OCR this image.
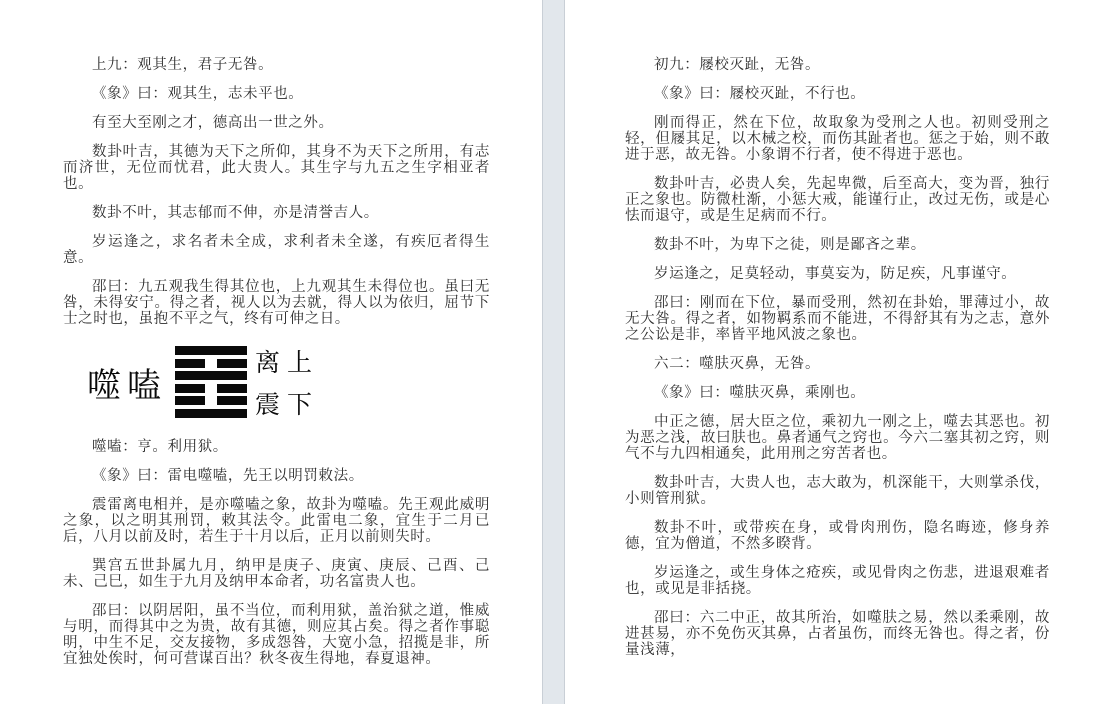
上九：观其生，君子无咎。

《象》曰：观其生，志未平也。

有至大至刚之才，德高出一世之外。

数卦叶吉，其德为天下之所仰，其身不为天下之所用，有志而济世，无位而忧君，此大贵人。其生字与九五之生字相亚者也。

数卦不叶，其志郁而不伸，亦是清誉吉人。

岁运逢之，求名者未全成，求利者未全遂，有疾厄者得生意。

邵曰：九五观我生得其位也，上九观其生未得位也。虽曰无咎，未得安宁。得之者，视人以为去就，得人以为依归，屈节下士之时也，虽抱不平之气，终有可伸之日。

噬嗑
离上
震下

噬嗑：亨。利用狱。

《象》曰：雷电噬嗑，先王以明罚敕法。

震雷离电相并，是亦噬嗑之象，故卦为噬嗑。先王观此威明之象，以之明其刑罚，敕其法令。此雷电二象，宜生于二月已后，八月以前及时，若生于十月以后，正月以前则失时。

巽宫五世卦属九月，纳甲是庚子、庚寅、庚辰、己酉、己未、己巳，如生于九月及纳甲本命者，功名富贵人也。

邵曰：以阴居阳，虽不当位，而利用狱，盖治狱之道，惟威与明，而得其中之为贵，故有其德，则应其占矣。得之者作事聪明，中生不足，交友接物，多成怨咎，大宽小急，招揽是非，所宜独处俟时，何可营谋百出？秋冬夜生得地，春夏退神。

初九：屦校灭趾，无咎。

《象》曰：屦校灭趾，不行也。

刚而得正，然在下位，故取象为受刑之人也。初则受刑之轻，但屦其足，以木械之校，而伤其趾者也。惩之于始，则不敢进于恶，故无咎。小象谓不行者，使不得进于恶也。

数卦叶吉，必贵人矣，先起卑微，后至高大，变为晋，独行正之象也。防微杜渐，小惩大戒，能谨行止，改过无伤，或是心怯而退守，或是生足病而不行。

数卦不叶，为卑下之徒，则是鄙吝之辈。

岁运逢之，足莫轻动，事莫妄为，防足疾，凡事谨守。

邵曰：刚而在下位，暴而受刑，然初在卦始，罪薄过小，故无大咎。得之者，如物羁系而不能进，不得舒其有为之志，意外之公讼是非，率皆平地风波之象也。

六二：噬肤灭鼻，无咎。

《象》曰：噬肤灭鼻，乘刚也。

中正之德，居大臣之位，乘初九一刚之上，噬去其恶也。初为恶之浅，故曰肤也。鼻者通气之窍也。今六二塞其初之窍，则气不与九四相通矣，此用刑之穷苦者也。

数卦叶吉，大贵人也，志大敢为，机深能干，大则掌杀伐，小则管刑狱。

数卦不叶，或带疾在身，或骨肉刑伤，隐名晦迹，修身养德，宜为僧道，不然多睽背。

岁运逢之，或生身体之疮疾，或见骨肉之伤悲，进退艰难者也，或见是非括挠。

邵曰：六二中正，故其所治，如噬肤之易，然以柔乘刚，故进甚易，亦不免伤灭其鼻，占者虽伤，而终无咎也。得之者，份量浅薄，
